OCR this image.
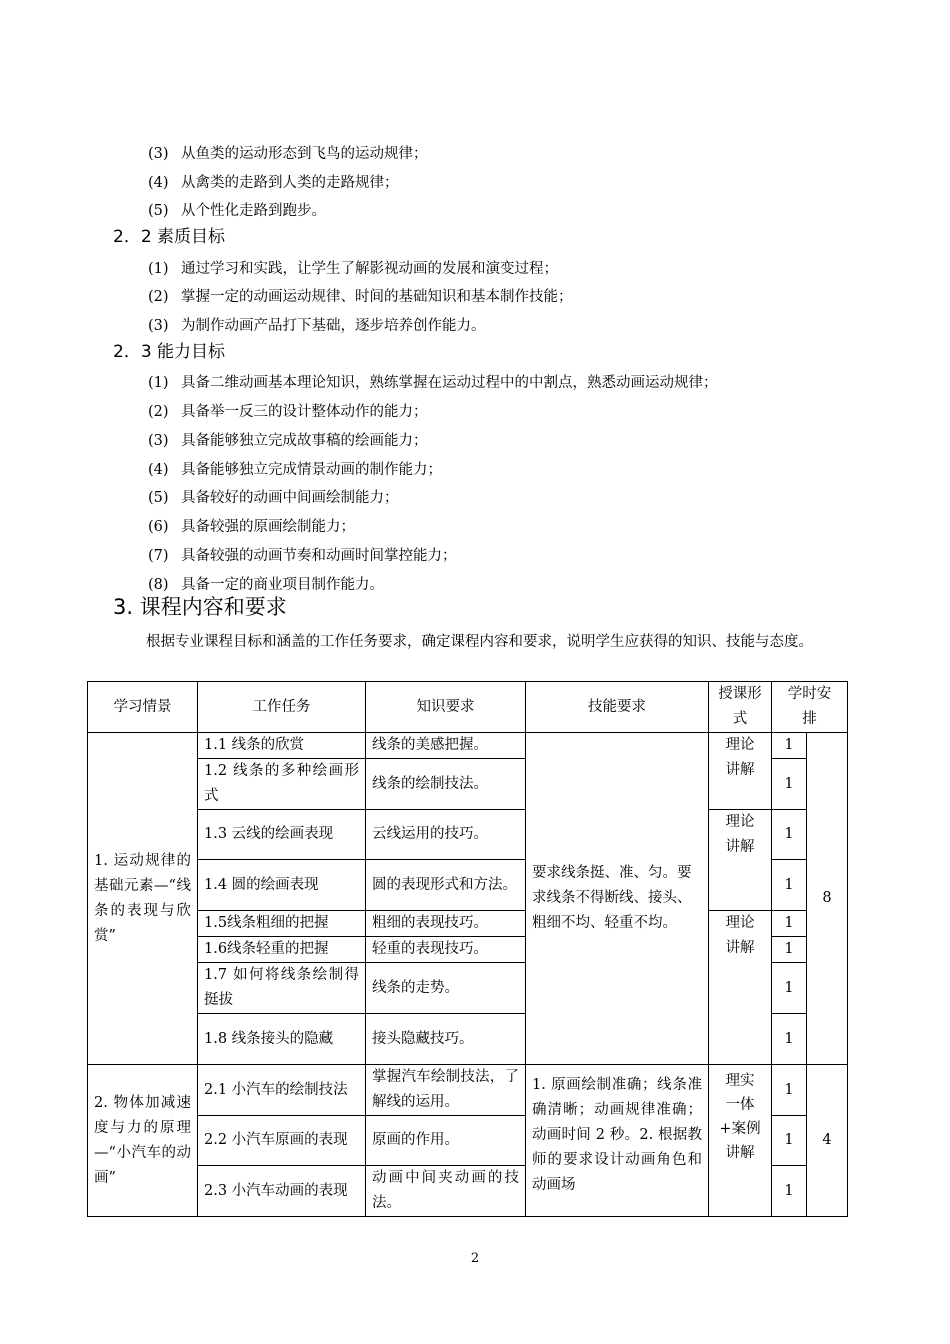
(3) 从鱼类的运动形态到飞鸟的运动规律；
(4) 从禽类的走路到人类的走路规律；
(5) 从个性化走路到跑步。
2．2 素质目标
(1) 通过学习和实践，让学生了解影视动画的发展和演变过程；
(2) 掌握一定的动画运动规律、时间的基础知识和基本制作技能；
(3) 为制作动画产品打下基础，逐步培养创作能力。
2．3 能力目标
(1) 具备二维动画基本理论知识，熟练掌握在运动过程中的中割点，熟悉动画运动规律；
(2) 具备举一反三的设计整体动作的能力；
(3) 具备能够独立完成故事稿的绘画能力；
(4) 具备能够独立完成情景动画的制作能力；
(5) 具备较好的动画中间画绘制能力；
(6) 具备较强的原画绘制能力；
(7) 具备较强的动画节奏和动画时间掌控能力；
(8) 具备一定的商业项目制作能力。
3. 课程内容和要求
根据专业课程目标和涵盖的工作任务要求，确定课程内容和要求，说明学生应获得的知识、技能与态度。
学习情景	工作任务	知识要求	技能要求	授课形式	学时安排	
1. 运动规律的基础元素—“线条的表现与欣赏”	1.1 线条的欣赏	线条的美感把握。	要求线条挺、准、匀。要求线条不得断线、接头、粗细不均、轻重不均。	理论讲解	1	8
	1.2 线条的多种绘画形式	线条的绘制技法。			1	
	1.3 云线的绘画表现	云线运用的技巧。		理论讲解	1	
	1.4 圆的绘画表现	圆的表现形式和方法。			1	
	1.5线条粗细的把握	粗细的表现技巧。		理论讲解	1	
	1.6线条轻重的把握	轻重的表现技巧。			1	
	1.7 如何将线条绘制得挺拔	线条的走势。			1	
	1.8 线条接头的隐藏	接头隐藏技巧。			1	
2. 物体加减速度与力的原理—“小汽车的动画”	2.1 小汽车的绘制技法	掌握汽车绘制技法，了解线的运用。	1. 原画绘制准确；线条准确清晰；动画规律准确；动画时间 2 秒。2. 根据教师的要求设计动画角色和动画场	理实一体+案例讲解	1	4
	2.2 小汽车原画的表现	原画的作用。			1	
	2.3 小汽车动画的表现	动画中间夹动画的技法。			1	
2
